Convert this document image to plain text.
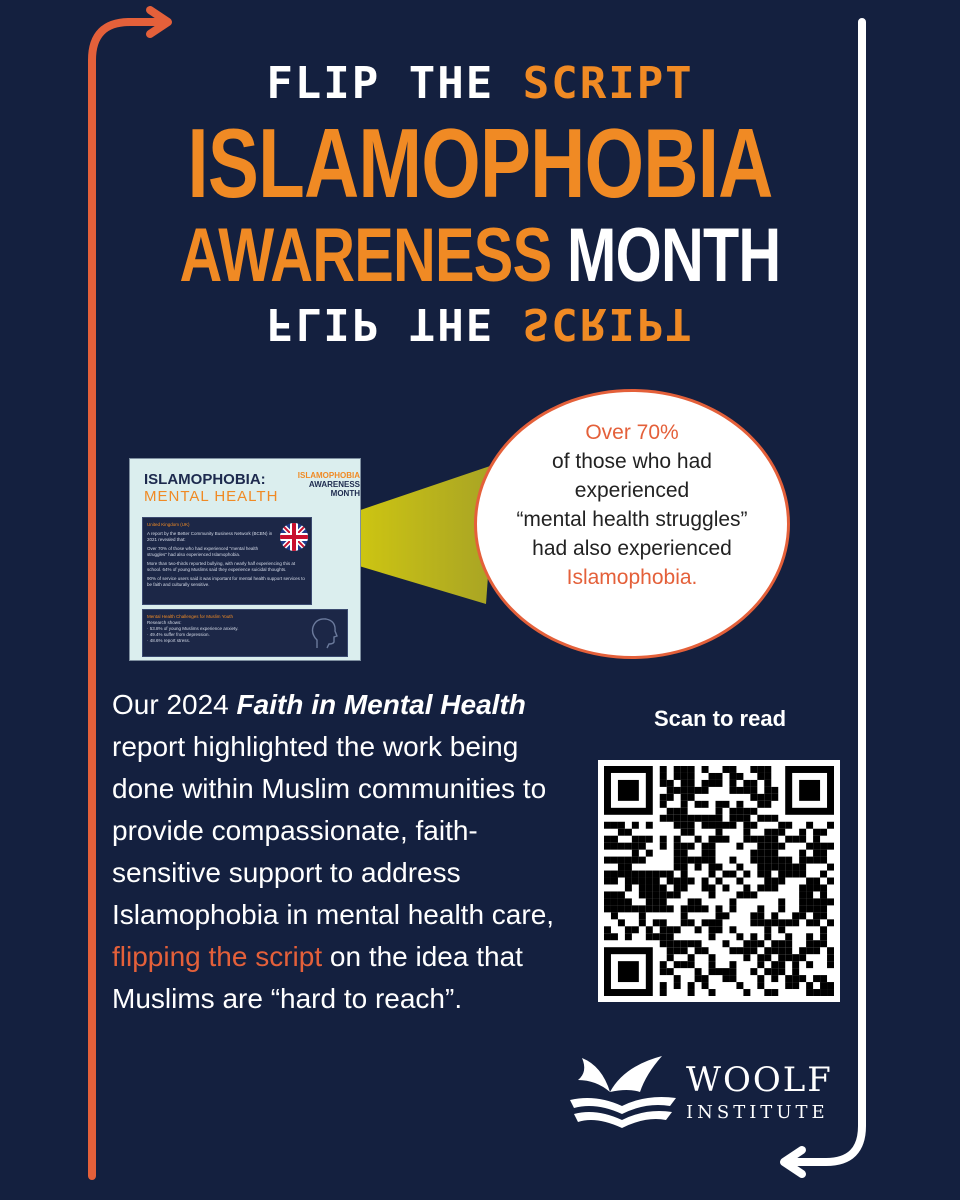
FLIP THE SCRIPT
ISLAMOPHOBIA
AWARENESS MONTH
FLIP THE SCRIPT
ISLAMOPHOBIA:
MENTAL HEALTH
ISLAMOPHOBIA
AWARENESS MONTH
United Kingdom (UK)
A report by the Better Community Business Network (BCBN) in 2021 revealed that:
Over 70% of those who had experienced "mental health struggles" had also experienced Islamophobia.
More than two-thirds reported bullying, with nearly half experiencing this at school. 64% of young Muslims said they experience suicidal thoughts.
90% of service users said it was important for mental health support services to be faith and culturally sensitive.
Mental Health Challenges for Muslim Youth
Research shows:
· 53.8% of young Muslims experience anxiety.
· 49.4% suffer from depression.
· 48.6% report stress.
Over 70%
of those who had
experienced
“mental health struggles”
had also experienced
Islamophobia.
Our 2024 Faith in Mental Health report highlighted the work being done within Muslim communities to provide compassionate, faith-sensitive support to address Islamophobia in mental health care, flipping the script on the idea that Muslims are “hard to reach”.
Scan to read
WOOLF
INSTITUTE
